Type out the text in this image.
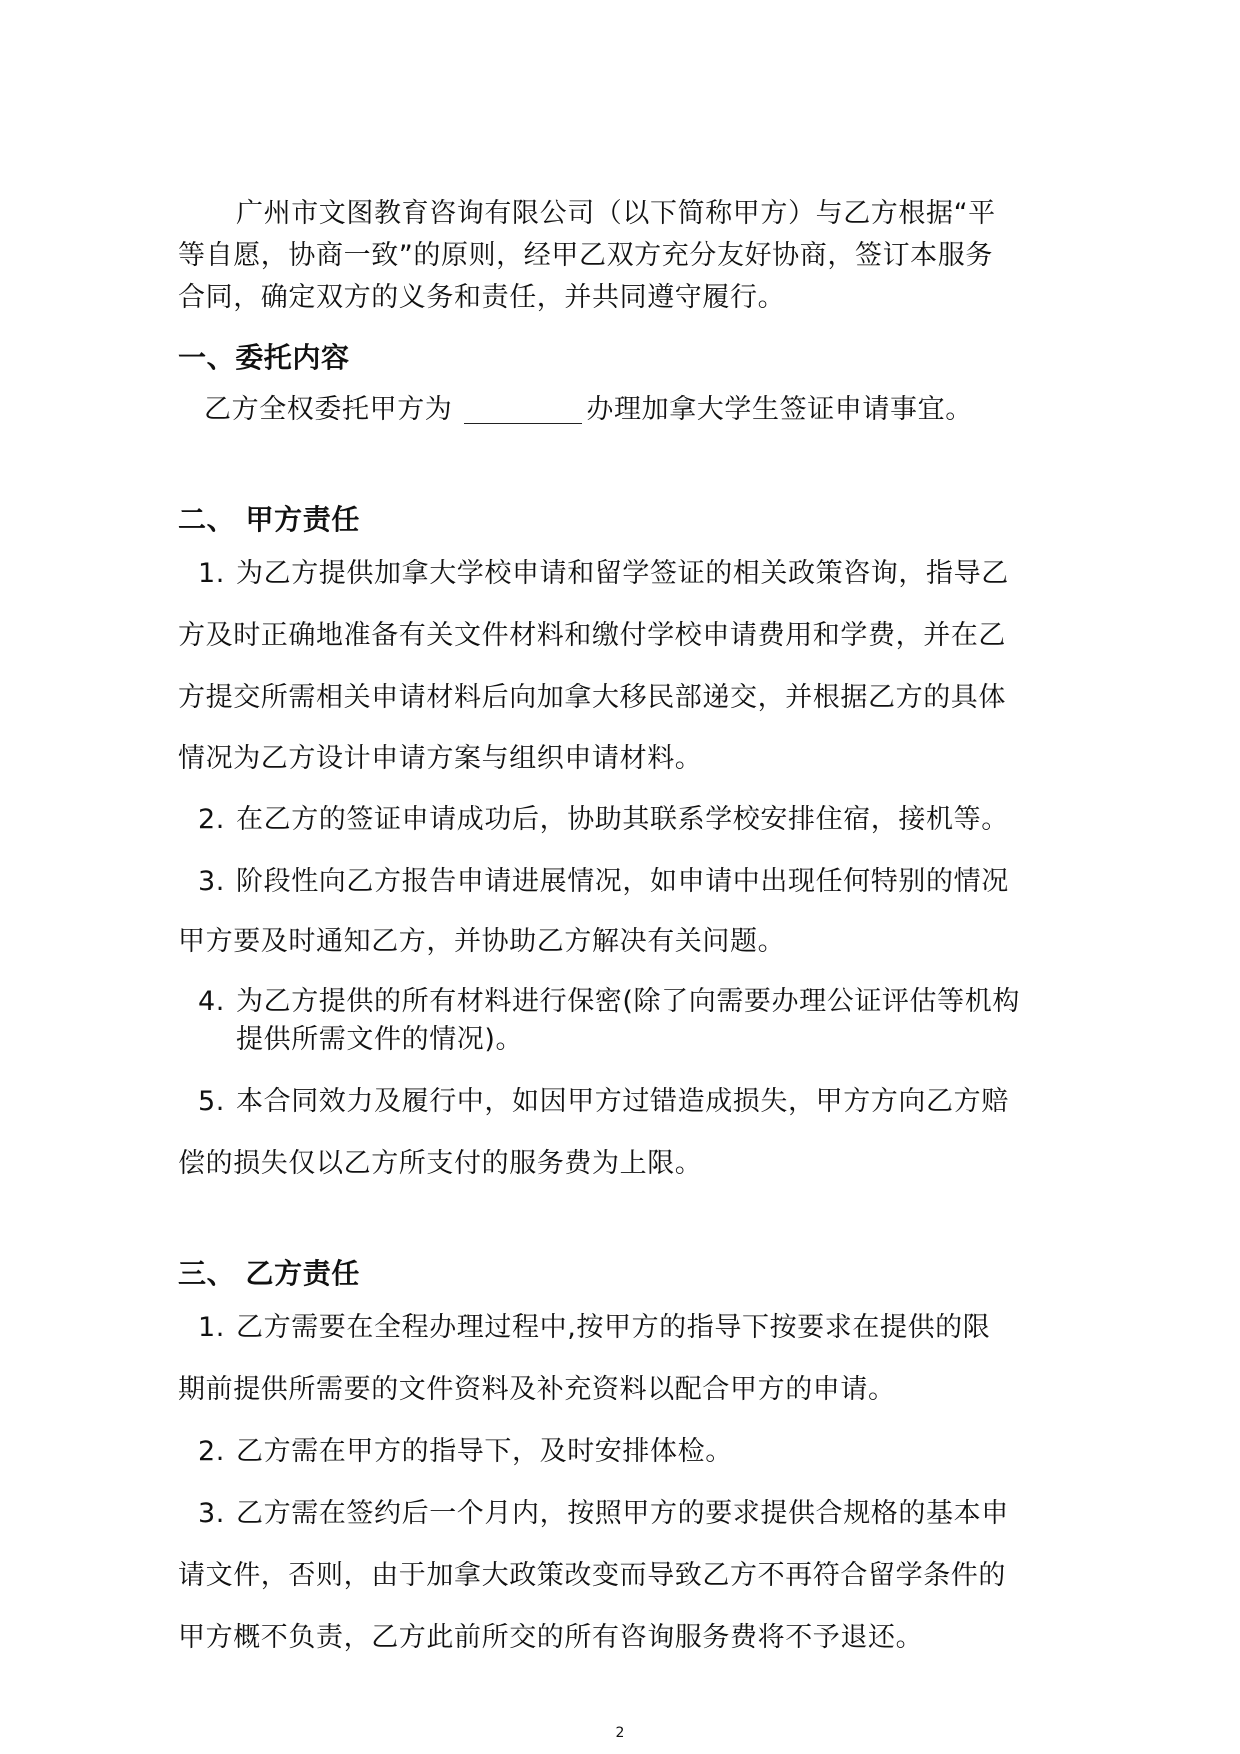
广州市文图教育咨询有限公司（以下简称甲方）与乙方根据“平
等自愿，协商一致”的原则，经甲乙双方充分友好协商，签订本服务
合同，确定双方的义务和责任，并共同遵守履行。
一、委托内容
乙方全权委托甲方为	办理加拿大学生签证申请事宜。
二、 甲方责任
1. 为乙方提供加拿大学校申请和留学签证的相关政策咨询，指导乙
方及时正确地准备有关文件材料和缴付学校申请费用和学费，并在乙
方提交所需相关申请材料后向加拿大移民部递交，并根据乙方的具体
情况为乙方设计申请方案与组织申请材料。
2. 在乙方的签证申请成功后，协助其联系学校安排住宿，接机等。
3. 阶段性向乙方报告申请进展情况，如申请中出现任何特别的情况
甲方要及时通知乙方，并协助乙方解决有关问题。
4. 为乙方提供的所有材料进行保密(除了向需要办理公证评估等机构
提供所需文件的情况)。
5. 本合同效力及履行中，如因甲方过错造成损失，甲方方向乙方赔
偿的损失仅以乙方所支付的服务费为上限。
三、 乙方责任
1. 乙方需要在全程办理过程中,按甲方的指导下按要求在提供的限
期前提供所需要的文件资料及补充资料以配合甲方的申请。
2. 乙方需在甲方的指导下，及时安排体检。
3. 乙方需在签约后一个月内，按照甲方的要求提供合规格的基本申
请文件，否则，由于加拿大政策改变而导致乙方不再符合留学条件的
甲方概不负责，乙方此前所交的所有咨询服务费将不予退还。
2
